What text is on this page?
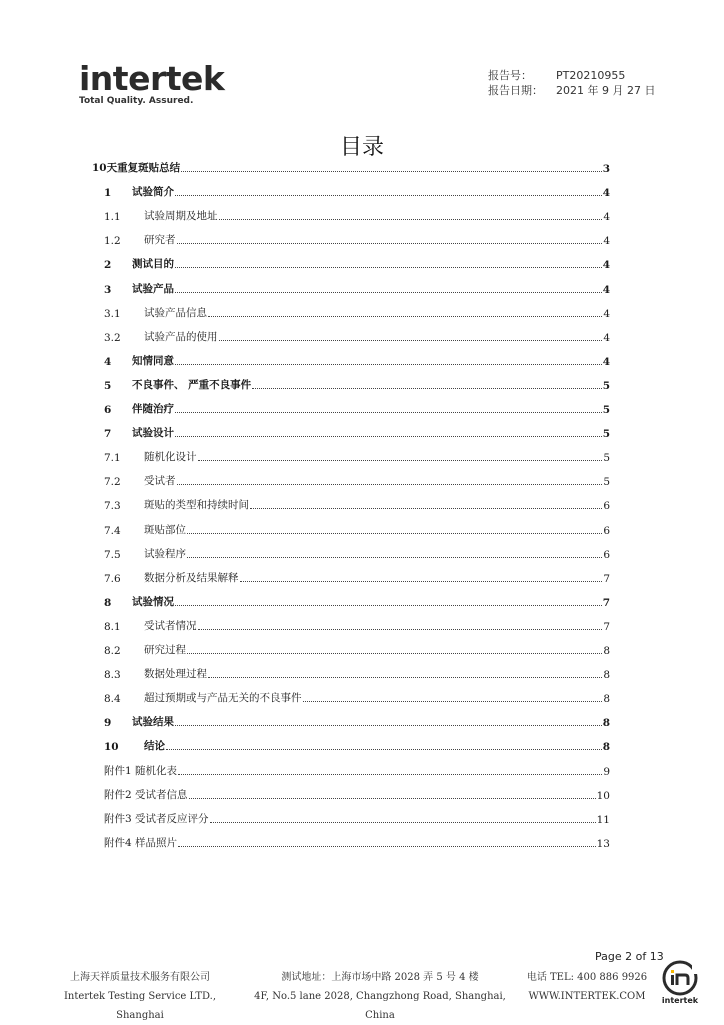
intertek
Total Quality. Assured.
报告号：	PT20210955
报告日期：	2021 年 9 月 27 日
目录
10天重复斑贴总结	3
1 试验简介	4
1.1 试验周期及地址	4
1.2 研究者	4
2 测试目的	4
3 试验产品	4
3.1 试验产品信息	4
3.2 试验产品的使用	4
4 知情同意	4
5 不良事件、 严重不良事件	5
6 伴随治疗	5
7 试验设计	5
7.1 随机化设计	5
7.2 受试者	5
7.3 斑贴的类型和持续时间	6
7.4 斑贴部位	6
7.5 试验程序	6
7.6 数据分析及结果解释	7
8 试验情况	7
8.1 受试者情况	7
8.2 研究过程	8
8.3 数据处理过程	8
8.4 超过预期或与产品无关的不良事件	8
9 试验结果	8
10 结论	8
附件1 随机化表	9
附件2 受试者信息	10
附件3 受试者反应评分	11
附件4 样品照片	13
Page 2 of 13
上海天祥质量技术服务有限公司
Intertek Testing Service LTD., Shanghai
测试地址：上海市场中路 2028 弄 5 号 4 楼
4F, No.5 lane 2028, Changzhong Road, Shanghai, China
电话 TEL: 400 886 9926
WWW.INTERTEK.COM	intertek
